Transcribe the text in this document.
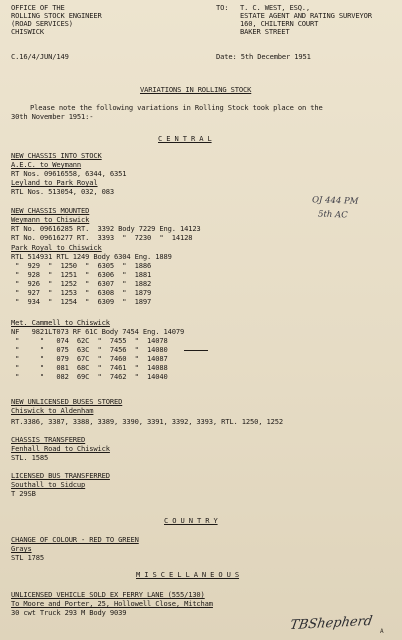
OFFICE OF THE
ROLLING STOCK ENGINEER
(ROAD SERVICES)
CHISWICK
C.16/4/JUN/149
TO: T. C. WEST, ESQ.,
ESTATE AGENT AND RATING SURVEYOR
160, CHILTERN COURT
BAKER STREET
Date: 5th December 1951
VARIATIONS IN ROLLING STOCK
Please note the following variations in Rolling Stock took place on the
30th November 1951:-
C E N T R A L
NEW CHASSIS INTO STOCK
A.E.C. to Weymann
RT Nos. 09616558, 6344, 6351
Leyland to Park Royal
RTL Nos. 513054, 032, 083
NEW CHASSIS MOUNTED
Weymann to Chiswick
RT No. 09616285 RT.  3392 Body 7229 Eng. 14123
RT No. 09616277 RT.  3393  "  7230  "  14128
Park Royal to Chiswick
RTL 514931 RTL 1249 Body 6304 Eng. 1889
"  929  "  1250  "  6305  "  1886
"  928  "  1251  "  6306  "  1881
"  926  "  1252  "  6307  "  1882
"  927  "  1253  "  6308  "  1879
"  934  "  1254  "  6309  "  1897
Met. Cammell to Chiswick
NF   9821LT073 RF 61C Body 7454 Eng. 14079
"     "   074  62C  "  7455  "  14078
"     "   075  63C  "  7456  "  14080
"     "   079  67C  "  7460  "  14087
"     "   081  68C  "  7461  "  14088
"     "   082  69C  "  7462  "  14040
NEW UNLICENSED BUSES STORED
Chiswick to Aldenham
RT.3386, 3387, 3388, 3389, 3390, 3391, 3392, 3393, RTL. 1250, 1252
CHASSIS TRANSFERED
Fenhall Road to Chiswick
STL. 1585
LICENSED BUS TRANSFERRED
Southall to Sidcup
T 29SB
C O U N T R Y
CHANGE OF COLOUR - RED TO GREEN
Grays
STL 1785
M I S C E L L A N E O U S
UNLICENSED VEHICLE SOLD EX FERRY LANE (555/130)
To Moore and Porter, 25, Hollowell Close, Mitcham
30 cwt Truck 293 M Body 9039
OJ 444 PM
5th AC
TBShepherd A
